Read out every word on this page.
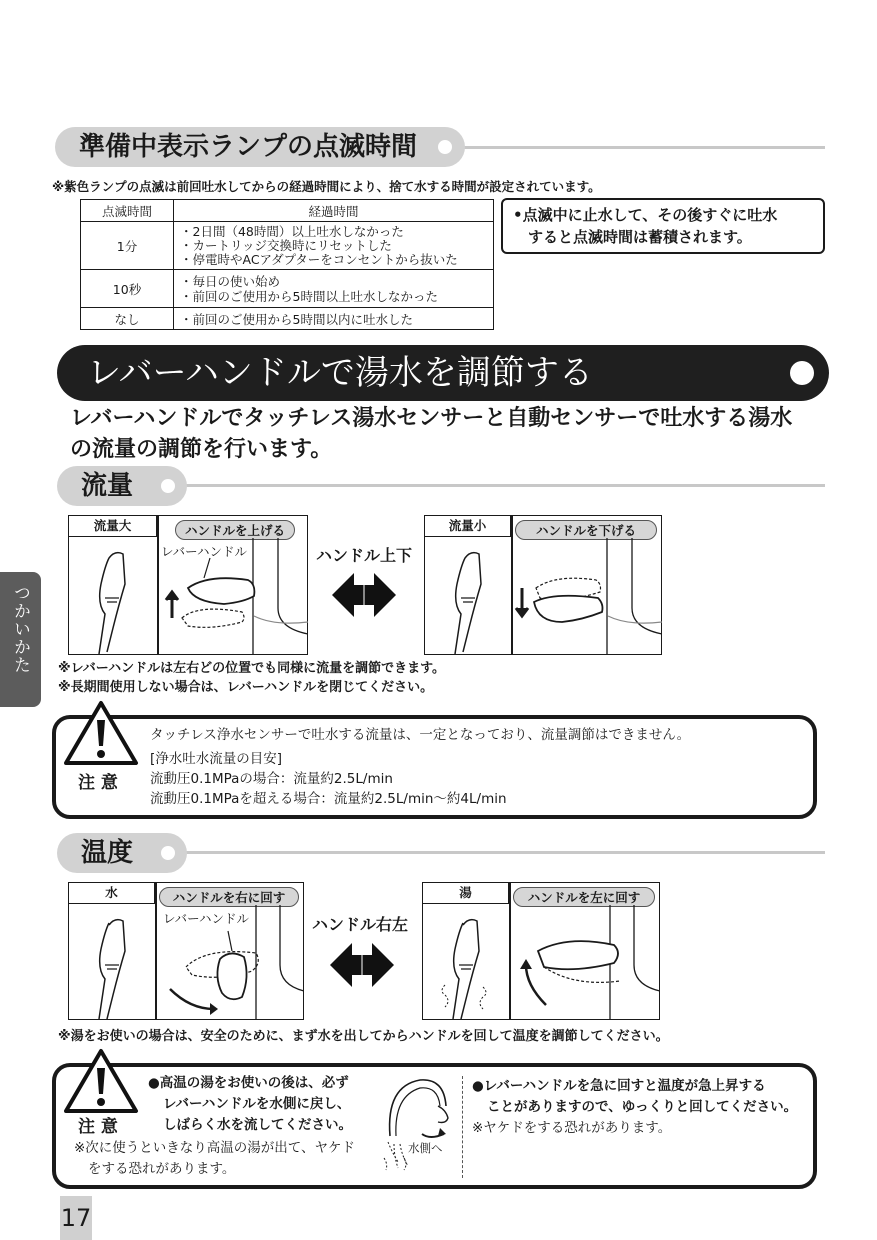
準備中表示ランプの点滅時間
※紫色ランプの点滅は前回吐水してからの経過時間により、捨て水する時間が設定されています。
点滅時間	経過時間
1分	・2日間（48時間）以上吐水しなかった
・カートリッジ交換時にリセットした
・停電時やACアダプターをコンセントから抜いた

10秒	・毎日の使い始め
・前回のご使用から5時間以上吐水しなかった

なし	・前回のご使用から5時間以内に吐水した
•点滅中に止水して、その後すぐに吐水
　すると点滅時間は蓄積されます。
レバーハンドルで湯水を調節する
レバーハンドルでタッチレス湯水センサーと自動センサーで吐水する湯水
の流量の調節を行います。
流量
流量大	ハンドルを上げる
レバーハンドル	ハンドル上下
流量小	ハンドルを下げる
※レバーハンドルは左右どの位置でも同様に流量を調節できます。
※長期間使用しない場合は、レバーハンドルを閉じてください。
注 意
タッチレス浄水センサーで吐水する流量は、一定となっており、流量調節はできません。
[浄水吐水流量の目安]
流動圧0.1MPaの場合：流量約2.5L/min
流動圧0.1MPaを超える場合：流量約2.5L/min～約4L/min
温度
水	ハンドルを右に回す
レバーハンドル	ハンドル右左
湯	ハンドルを左に回す
※湯をお使いの場合は、安全のために、まず水を出してからハンドルを回して温度を調節してください。
注 意
●高温の湯をお使いの後は、必ず
レバーハンドルを水側に戻し、
しばらく水を流してください。
※次に使うといきなり高温の湯が出て、ヤケド
をする恐れがあります。
水側へ
●レバーハンドルを急に回すと温度が急上昇する
ことがありますので、ゆっくりと回してください。
※ヤケドをする恐れがあります。
つかいかた
17
